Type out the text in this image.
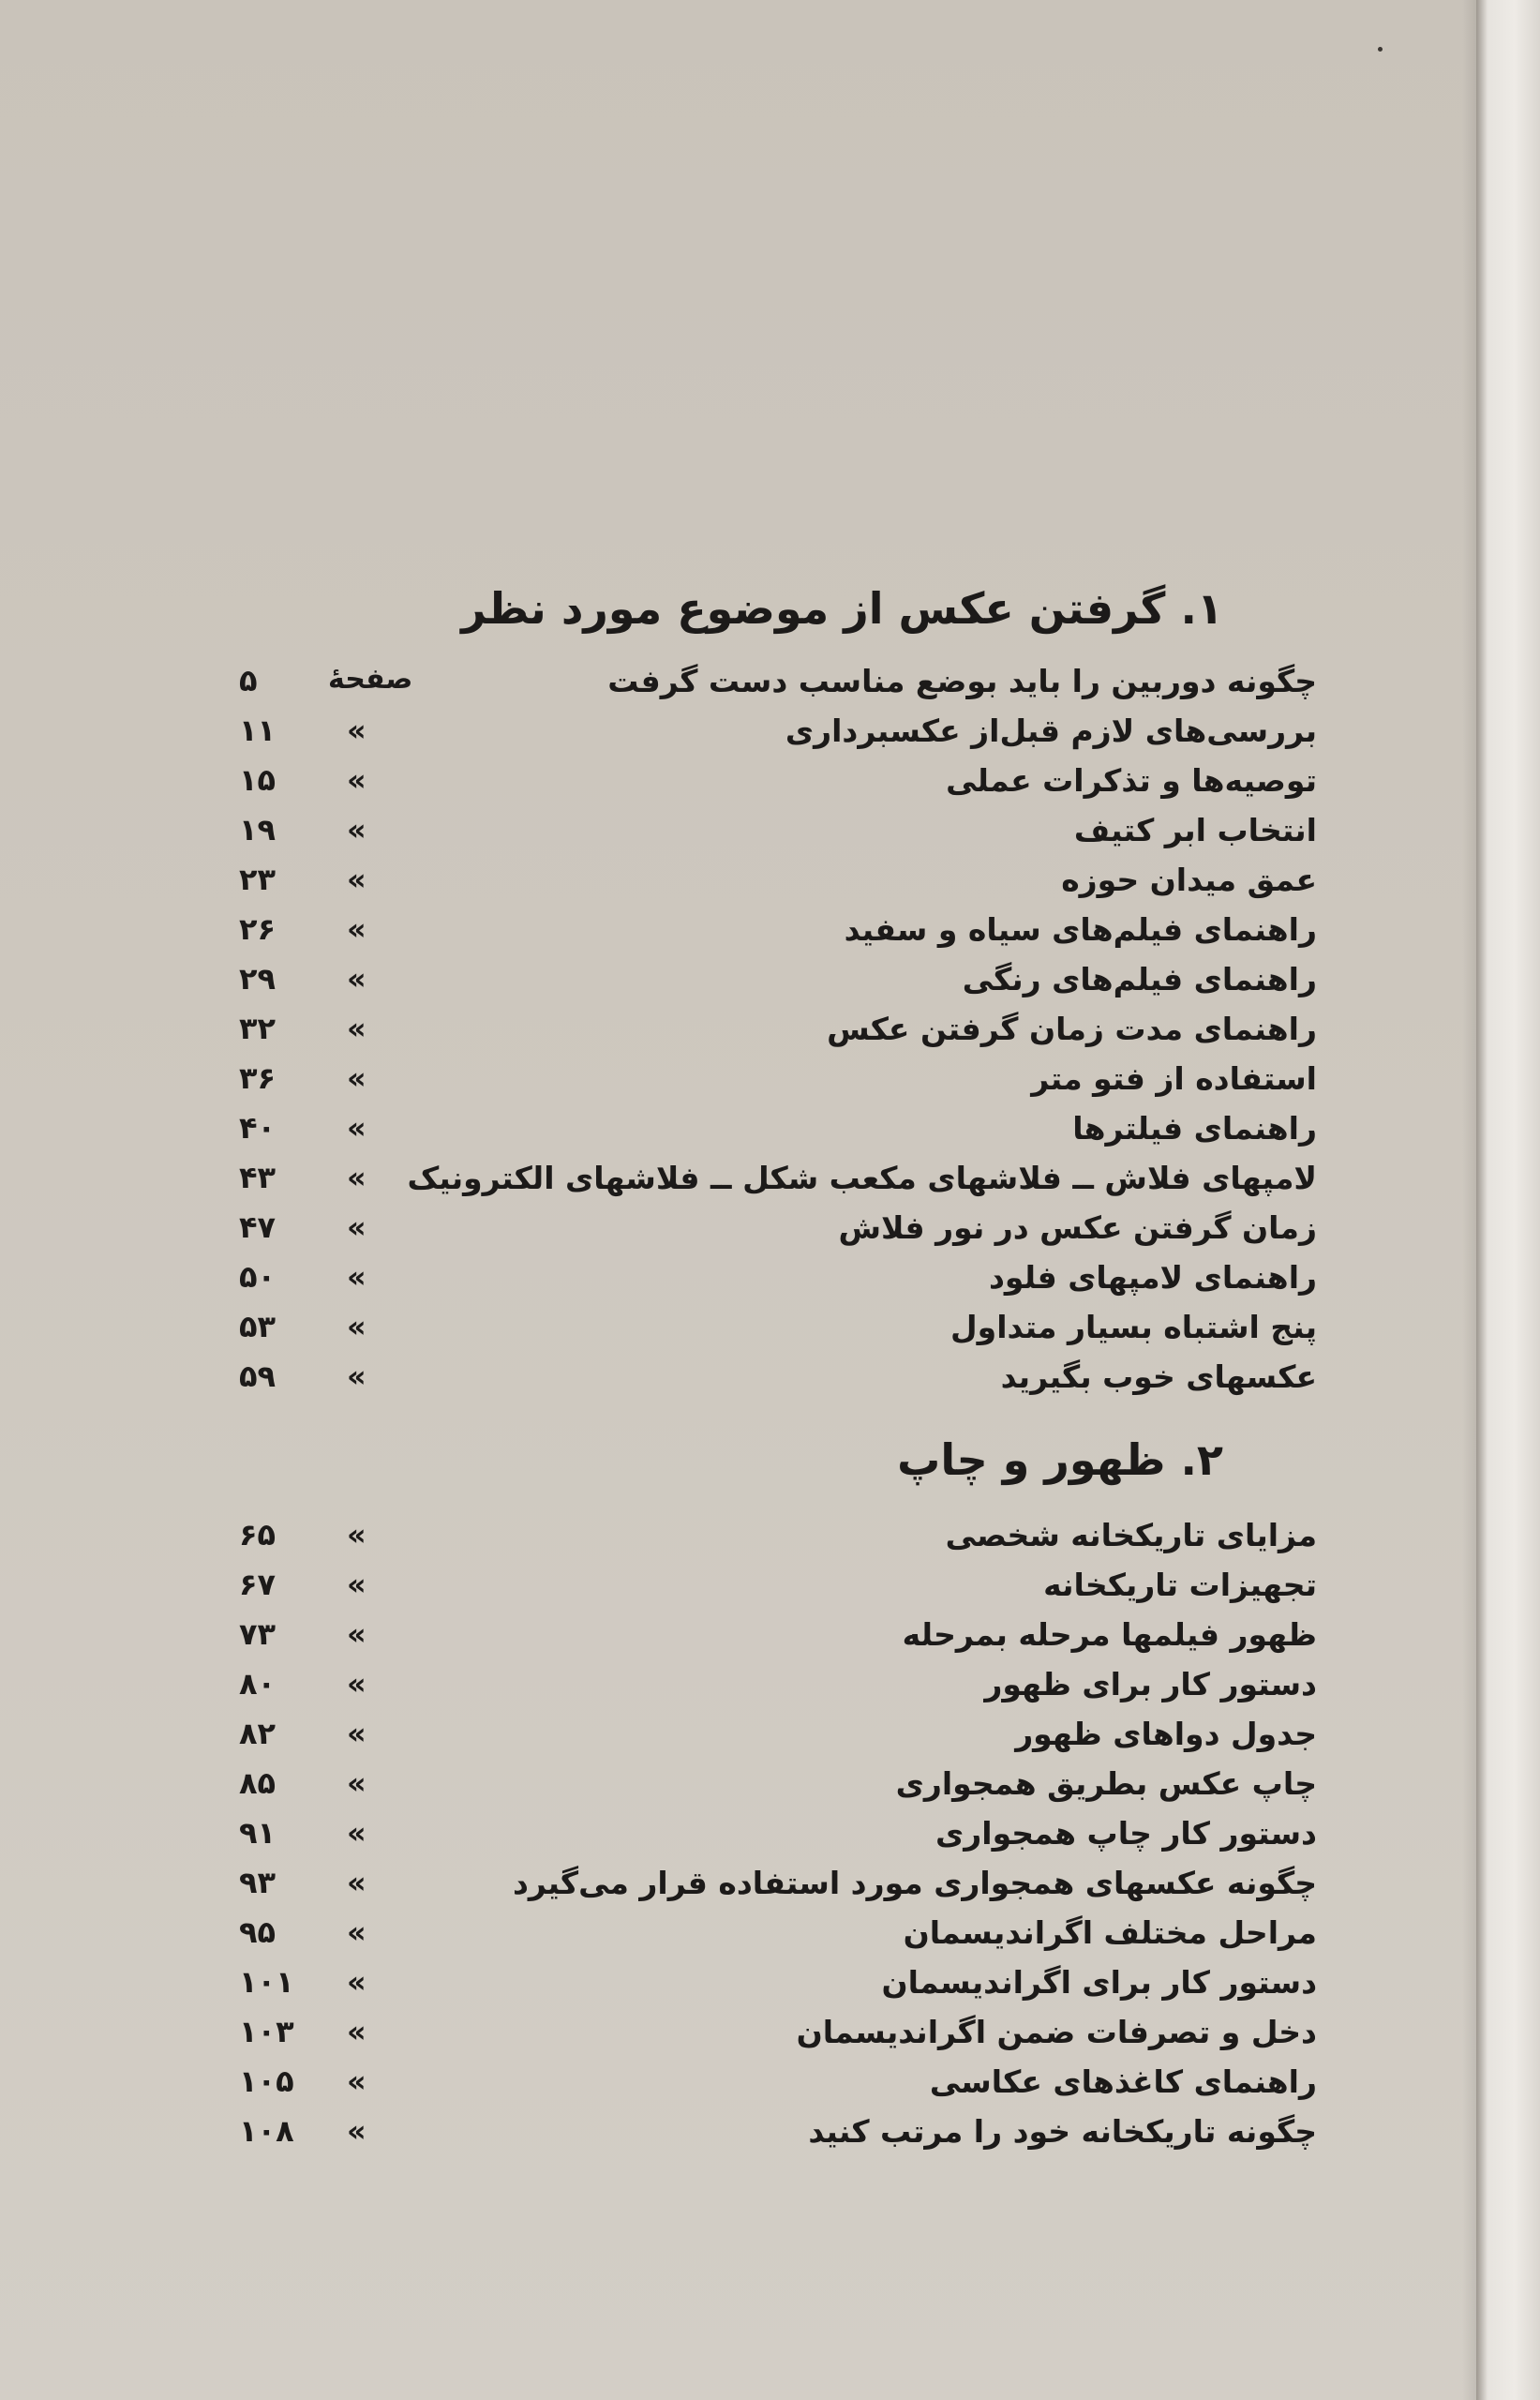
۱. گرفتن عکس از موضوع مورد نظر
صفحهٔ	چگونه دوربین را باید بوضع مناسب دست گرفت
۵
بررسی‌های لازم قبل‌از عکسبرداری
«
۱۱
توصیه‌ها و تذکرات عملی
«
۱۵
انتخاب ابر کتیف
«
۱۹
عمق میدان حوزه
«
۲۳
راهنمای فیلم‌های سیاه و سفید
«
۲۶
راهنمای فیلم‌های رنگی
«
۲۹
راهنمای مدت زمان گرفتن عکس
«
۳۲
استفاده از فتو متر
«
۳۶
راهنمای فیلترها
«
۴۰
لامپهای فلاش ــ فلاشهای مکعب شکل ــ فلاشهای الکترونیک
«
۴۳
زمان گرفتن عکس در نور فلاش
«
۴۷
راهنمای لامپهای فلود
«
۵۰
پنج اشتباه بسیار متداول
«
۵۳
عکسهای خوب بگیرید
«
۵۹
۲. ظهور و چاپ
مزایای تاریکخانه شخصی
«
۶۵
تجهیزات تاریکخانه
«
۶۷
ظهور فیلمها مرحله بمرحله
«
۷۳
دستور کار برای ظهور
«
۸۰
جدول دواهای ظهور
«
۸۲
چاپ عکس بطریق همجواری
«
۸۵
دستور کار چاپ همجواری
«
۹۱
چگونه عکسهای همجواری مورد استفاده قرار می‌گیرد
«
۹۳
مراحل مختلف اگراندیسمان
«
۹۵
دستور کار برای اگراندیسمان
«
۱۰۱
دخل و تصرفات ضمن اگراندیسمان
«
۱۰۳
راهنمای کاغذهای عکاسی
«
۱۰۵
چگونه تاریکخانه خود را مرتب کنید
«
۱۰۸
